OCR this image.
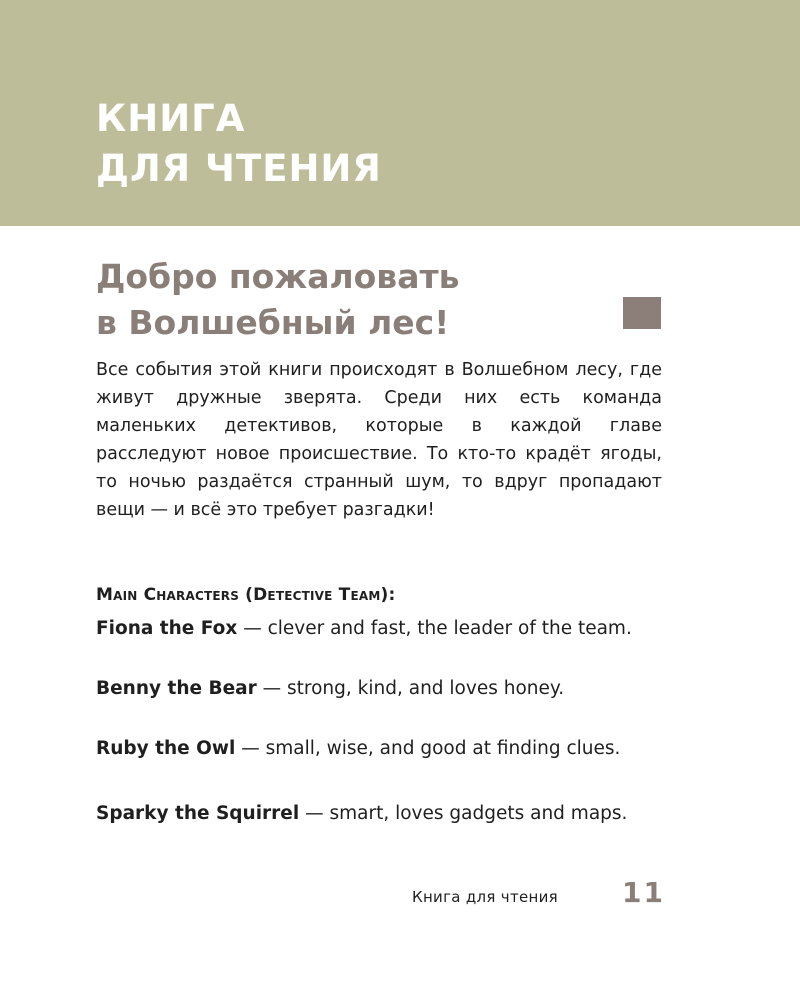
КНИГА
ДЛЯ ЧТЕНИЯ
Добро пожаловать
в Волшебный лес!

Все события этой книги происходят в Волшебном лесу, где живут дружные зверята. Среди них есть команда маленьких детективов, которые в каждой главе расследуют новое происшествие. То кто-то крадёт ягоды, то ночью раздаётся странный шум, то вдруг пропадают вещи — и всё это требует разгадки!

Main Characters (Detective Team):

Fiona the Fox — clever and fast, the leader of the team.

Benny the Bear — strong, kind, and loves honey.

Ruby the Owl — small, wise, and good at finding clues.

Sparky the Squirrel — smart, loves gadgets and maps.

Книга для чтения 11
